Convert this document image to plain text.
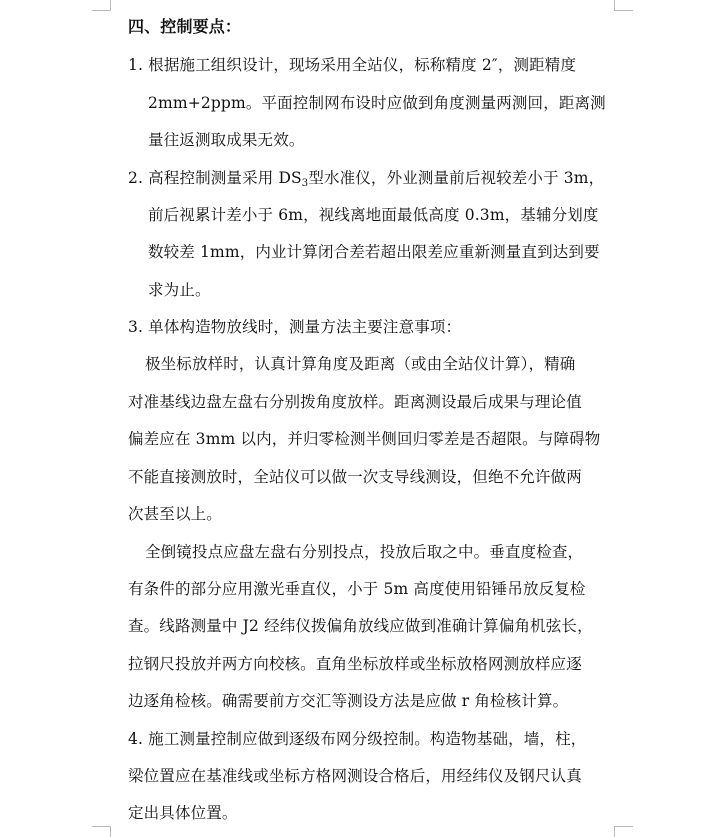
四、控制要点：
1. 根据施工组织设计，现场采用全站仪，标称精度 2″，测距精度
2mm+2ppm。平面控制网布设时应做到角度测量两测回，距离测
量往返测取成果无效。
2. 高程控制测量采用 $DS_3$型水准仪，外业测量前后视较差小于 3m，
前后视累计差小于 6m，视线离地面最低高度 0.3m，基辅分划度
数较差 1mm，内业计算闭合差若超出限差应重新测量直到达到要
求为止。
3. 单体构造物放线时，测量方法主要注意事项：
极坐标放样时，认真计算角度及距离（或由全站仪计算），精确
对准基线边盘左盘右分别拨角度放样。距离测设最后成果与理论值
偏差应在 3mm 以内，并归零检测半侧回归零差是否超限。与障碍物
不能直接测放时，全站仪可以做一次支导线测设，但绝不允许做两
次甚至以上。
全倒镜投点应盘左盘右分别投点，投放后取之中。垂直度检查，
有条件的部分应用激光垂直仪，小于 5m 高度使用铅锤吊放反复检
查。线路测量中 J2 经纬仪拨偏角放线应做到准确计算偏角机弦长，
拉钢尺投放并两方向校核。直角坐标放样或坐标放格网测放样应逐
边逐角检核。确需要前方交汇等测设方法是应做 r 角检核计算。
4. 施工测量控制应做到逐级布网分级控制。构造物基础，墙，柱，
梁位置应在基准线或坐标方格网测设合格后，用经纬仪及钢尺认真
定出具体位置。
